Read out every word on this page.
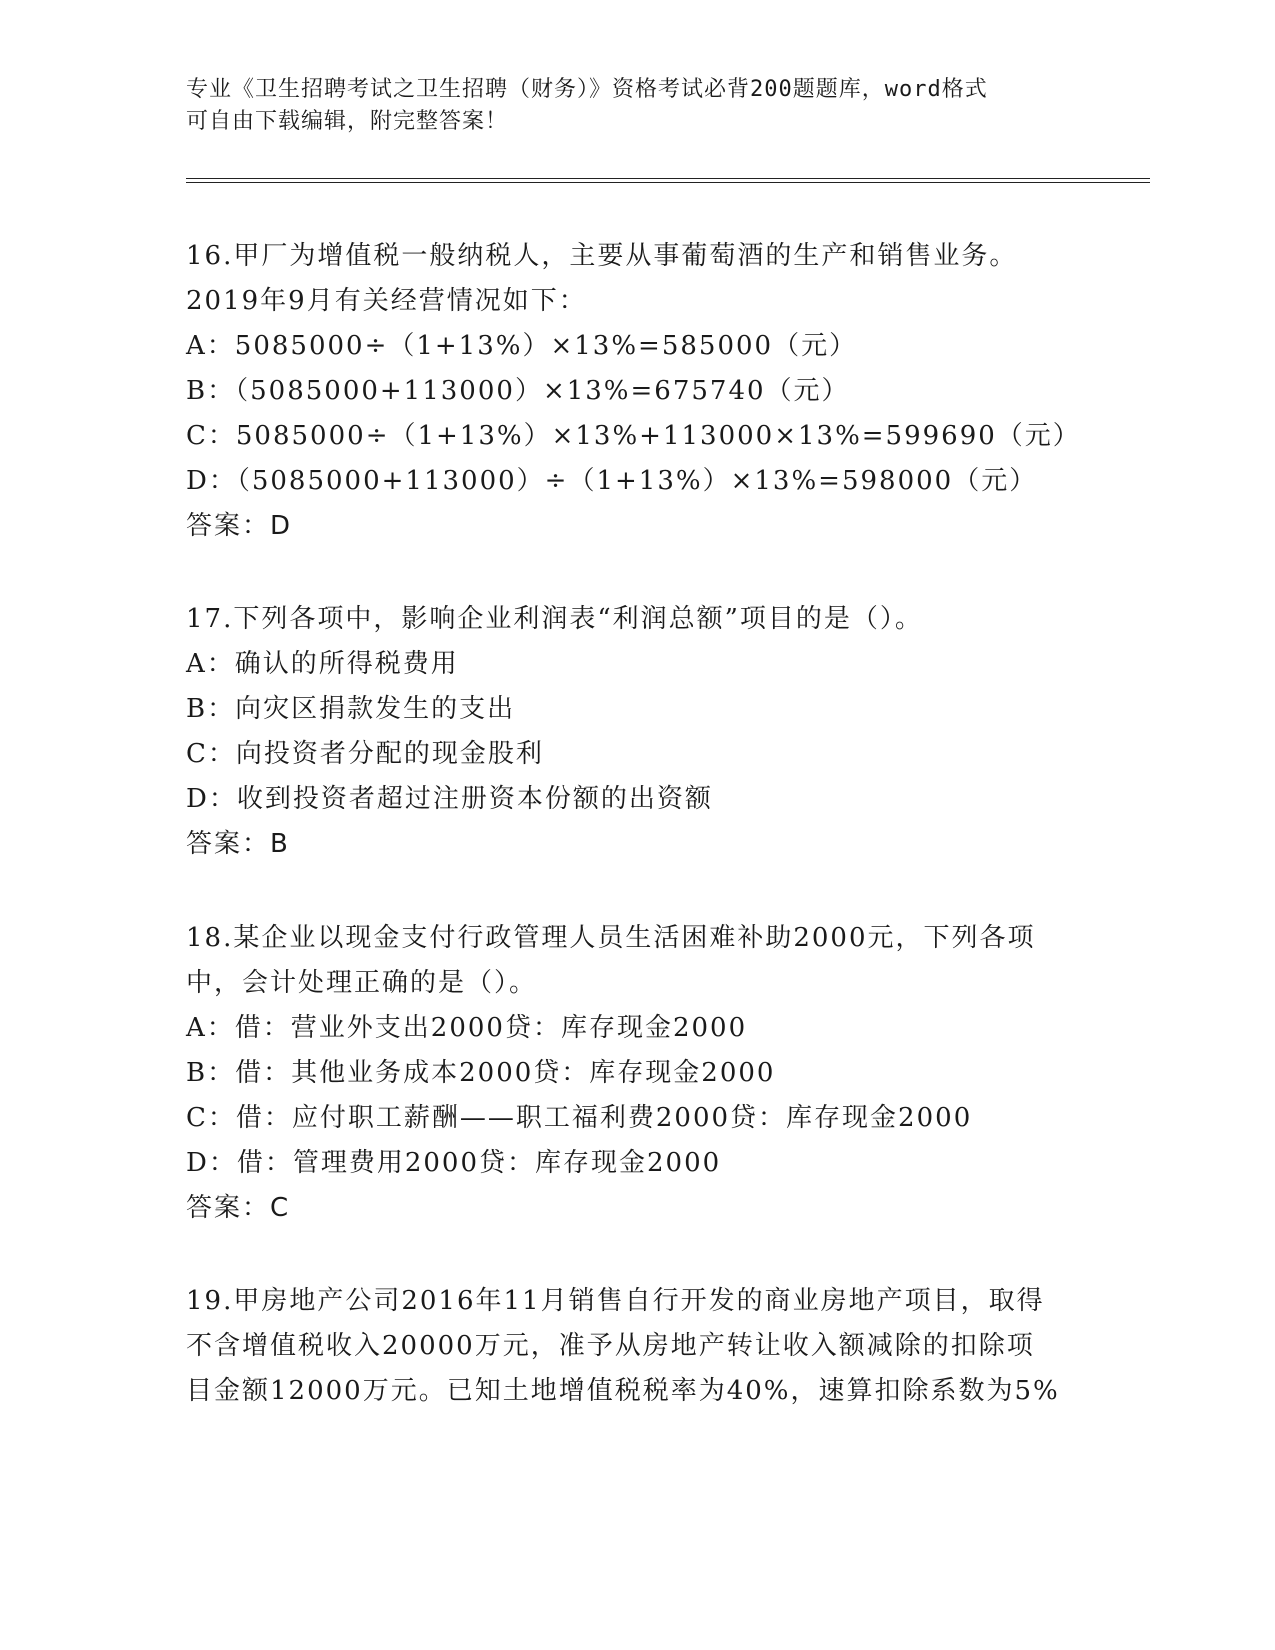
专业《卫生招聘考试之卫生招聘（财务）》资格考试必背200题题库，word格式
可自由下载编辑，附完整答案！
16.甲厂为增值税一般纳税人，主要从事葡萄酒的生产和销售业务。
2019年9月有关经营情况如下：
A：5085000÷（1+13%）×13%=585000（元）
B：（5085000+113000）×13%=675740（元）
C：5085000÷（1+13%）×13%+113000×13%=599690（元）
D：（5085000+113000）÷（1+13%）×13%=598000（元）
答案：D
17.下列各项中，影响企业利润表“利润总额”项目的是（）。
A：确认的所得税费用
B：向灾区捐款发生的支出
C：向投资者分配的现金股利
D：收到投资者超过注册资本份额的出资额
答案：B
18.某企业以现金支付行政管理人员生活困难补助2000元，下列各项
中，会计处理正确的是（）。
A：借：营业外支出2000贷：库存现金2000
B：借：其他业务成本2000贷：库存现金2000
C：借：应付职工薪酬——职工福利费2000贷：库存现金2000
D：借：管理费用2000贷：库存现金2000
答案：C
19.甲房地产公司2016年11月销售自行开发的商业房地产项目，取得
不含增值税收入20000万元，准予从房地产转让收入额减除的扣除项
目金额12000万元。已知土地增值税税率为40%，速算扣除系数为5%
